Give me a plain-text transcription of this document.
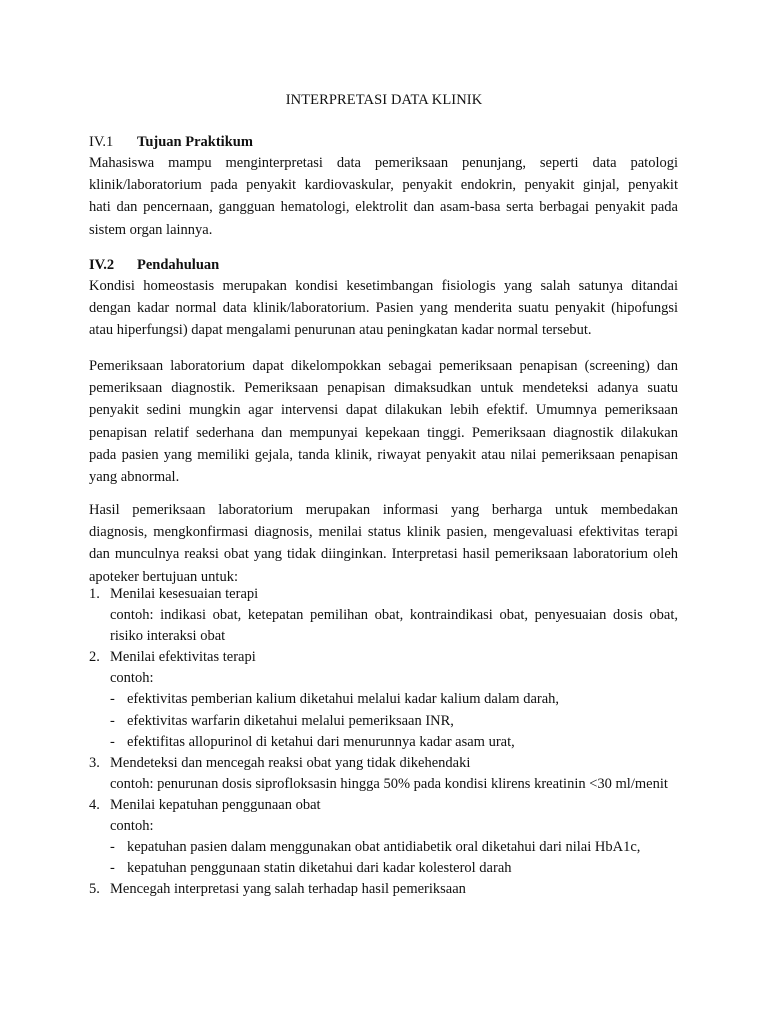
INTERPRETASI DATA KLINIK
IV.1 Tujuan Praktikum
Mahasiswa mampu menginterpretasi data pemeriksaan penunjang, seperti data patologi
klinik/laboratorium pada penyakit kardiovaskular, penyakit endokrin, penyakit ginjal, penyakit
hati dan pencernaan, gangguan hematologi, elektrolit dan asam-basa serta berbagai penyakit pada
sistem organ lainnya.
IV.2 Pendahuluan
Kondisi homeostasis merupakan kondisi kesetimbangan fisiologis yang salah satunya ditandai
dengan kadar normal data klinik/laboratorium. Pasien yang menderita suatu penyakit (hipofungsi
atau hiperfungsi) dapat mengalami penurunan atau peningkatan kadar normal tersebut.
Pemeriksaan laboratorium dapat dikelompokkan sebagai pemeriksaan penapisan (screening) dan
pemeriksaan diagnostik. Pemeriksaan penapisan dimaksudkan untuk mendeteksi adanya suatu
penyakit sedini mungkin agar intervensi dapat dilakukan lebih efektif. Umumnya pemeriksaan
penapisan relatif sederhana dan mempunyai kepekaan tinggi. Pemeriksaan diagnostik dilakukan
pada pasien yang memiliki gejala, tanda klinik, riwayat penyakit atau nilai pemeriksaan penapisan
yang abnormal.
Hasil pemeriksaan laboratorium merupakan informasi yang berharga untuk membedakan
diagnosis, mengkonfirmasi diagnosis, menilai status klinik pasien, mengevaluasi efektivitas terapi
dan munculnya reaksi obat yang tidak diinginkan. Interpretasi hasil pemeriksaan laboratorium oleh
apoteker bertujuan untuk:
1. Menilai kesesuaian terapi
contoh: indikasi obat, ketepatan pemilihan obat, kontraindikasi obat, penyesuaian dosis obat,
risiko interaksi obat
2. Menilai efektivitas terapi
contoh:
- efektivitas pemberian kalium diketahui melalui kadar kalium dalam darah,
- efektivitas warfarin diketahui melalui pemeriksaan INR,
- efektifitas allopurinol di ketahui dari menurunnya kadar asam urat,
3. Mendeteksi dan mencegah reaksi obat yang tidak dikehendaki
contoh: penurunan dosis siprofloksasin hingga 50% pada kondisi klirens kreatinin <30 ml/menit
4. Menilai kepatuhan penggunaan obat
contoh:
- kepatuhan pasien dalam menggunakan obat antidiabetik oral diketahui dari nilai HbA1c,
- kepatuhan penggunaan statin diketahui dari kadar kolesterol darah
5. Mencegah interpretasi yang salah terhadap hasil pemeriksaan
